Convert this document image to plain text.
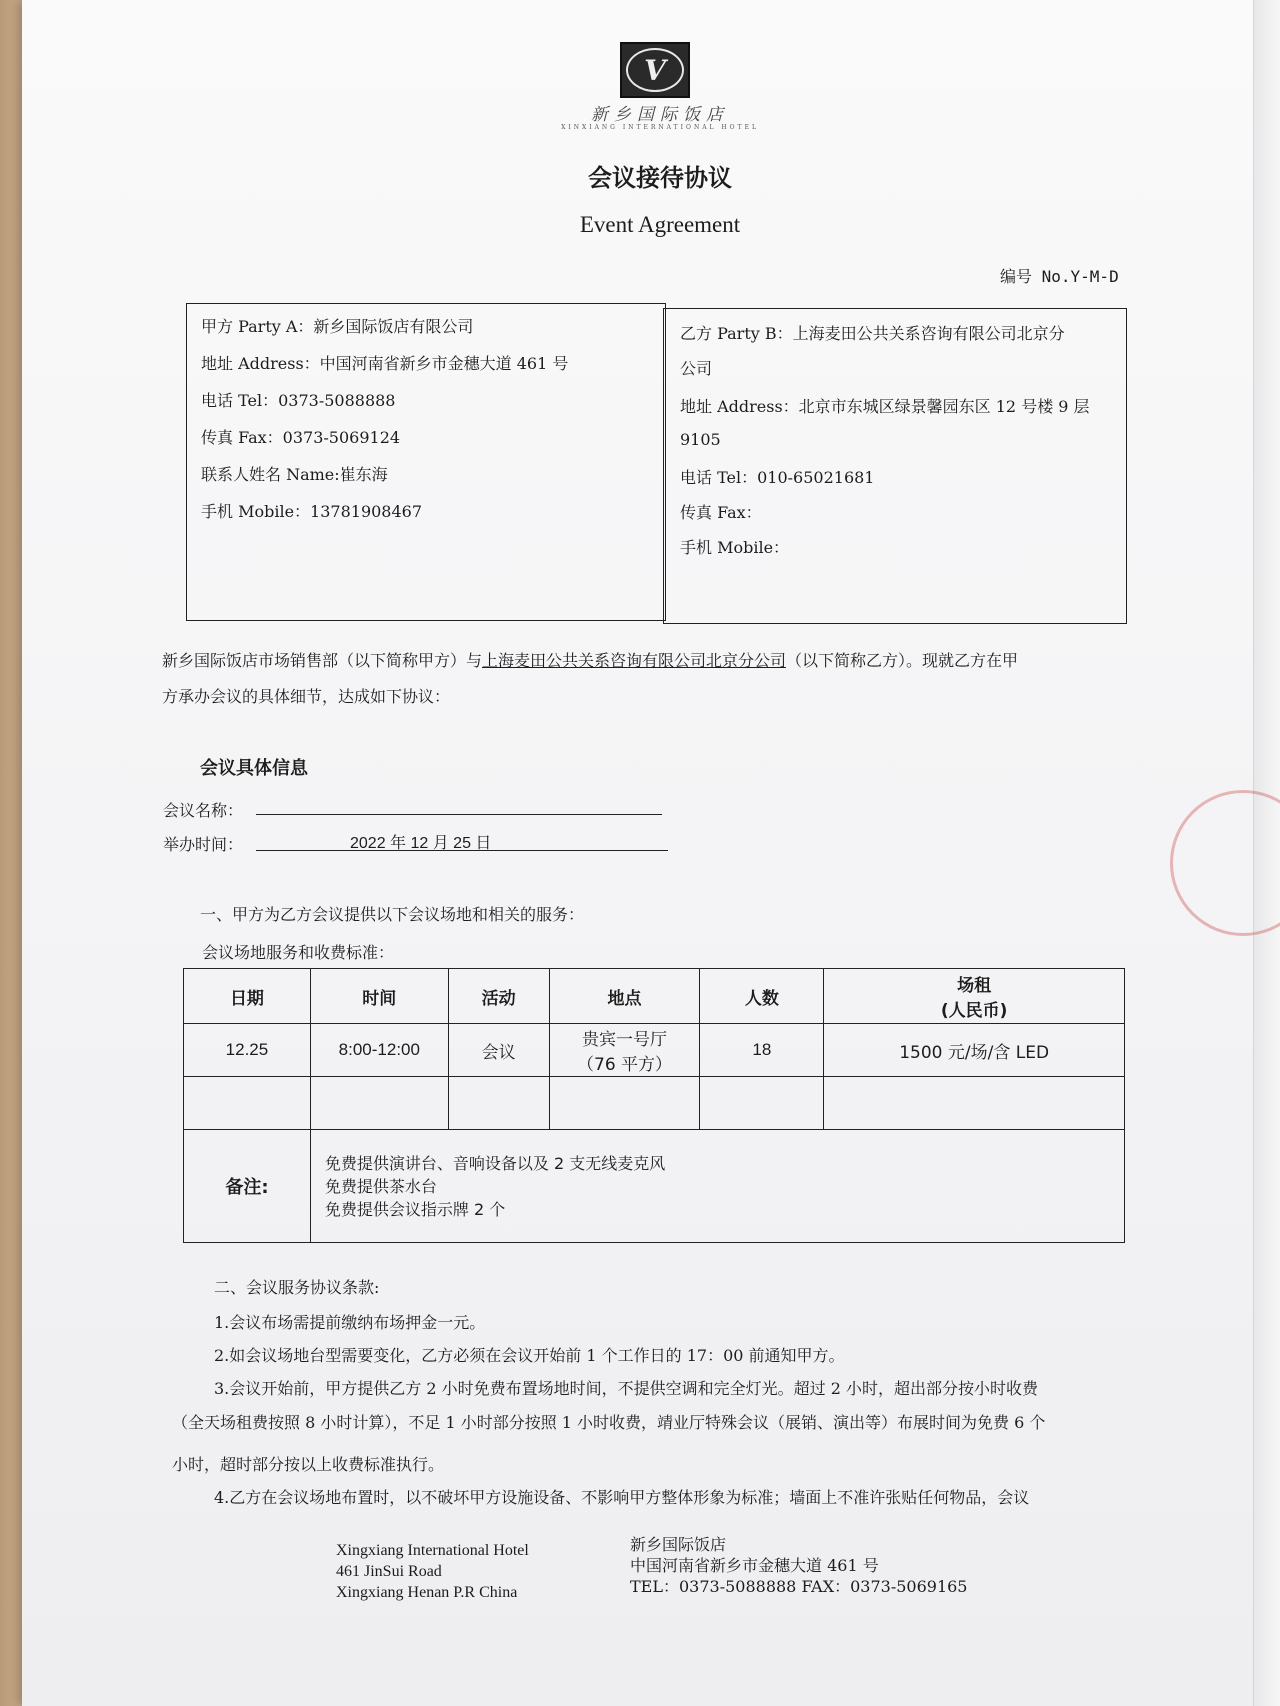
V
新乡国际饭店
XINXIANG INTERNATIONAL HOTEL
会议接待协议
Event Agreement
编号 No.Y-M-D
甲方 Party A：新乡国际饭店有限公司
地址 Address：中国河南省新乡市金穗大道 461 号
电话 Tel：0373-5088888
传真 Fax：0373-5069124
联系人姓名 Name:崔东海
手机 Mobile：13781908467
乙方 Party B：上海麦田公共关系咨询有限公司北京分
公司
地址 Address：北京市东城区绿景馨园东区 12 号楼 9 层
9105
电话 Tel：010-65021681
传真 Fax：
手机 Mobile：
新乡国际饭店市场销售部（以下简称甲方）与上海麦田公共关系咨询有限公司北京分公司（以下简称乙方）。现就乙方在甲
方承办会议的具体细节，达成如下协议：
会议具体信息
会议名称：
举办时间：	2022 年 12 月 25 日
一、甲方为乙方会议提供以下会议场地和相关的服务：
会议场地服务和收费标准：
日期	时间	活动	地点	人数	场租
(人民币)

12.25	8:00-12:00	会议	贵宾一号厅
（76 平方）	18	1500 元/场/含 LED

备注:	免费提供演讲台、音响设备以及 2 支无线麦克风
免费提供茶水台
免费提供会议指示牌 2 个				
二、会议服务协议条款:
1.会议布场需提前缴纳布场押金一元。
2.如会议场地台型需要变化，乙方必须在会议开始前 1 个工作日的 17：00 前通知甲方。
3.会议开始前，甲方提供乙方 2 小时免费布置场地时间，不提供空调和完全灯光。超过 2 小时，超出部分按小时收费
（全天场租费按照 8 小时计算），不足 1 小时部分按照 1 小时收费，靖业厅特殊会议（展销、演出等）布展时间为免费 6 个
小时，超时部分按以上收费标准执行。
4.乙方在会议场地布置时，以不破坏甲方设施设备、不影响甲方整体形象为标准；墙面上不准许张贴任何物品，会议
Xingxiang International Hotel
461 JinSui Road
Xingxiang Henan P.R China
新乡国际饭店
中国河南省新乡市金穗大道 461 号
TEL：0373-5088888 FAX：0373-5069165
